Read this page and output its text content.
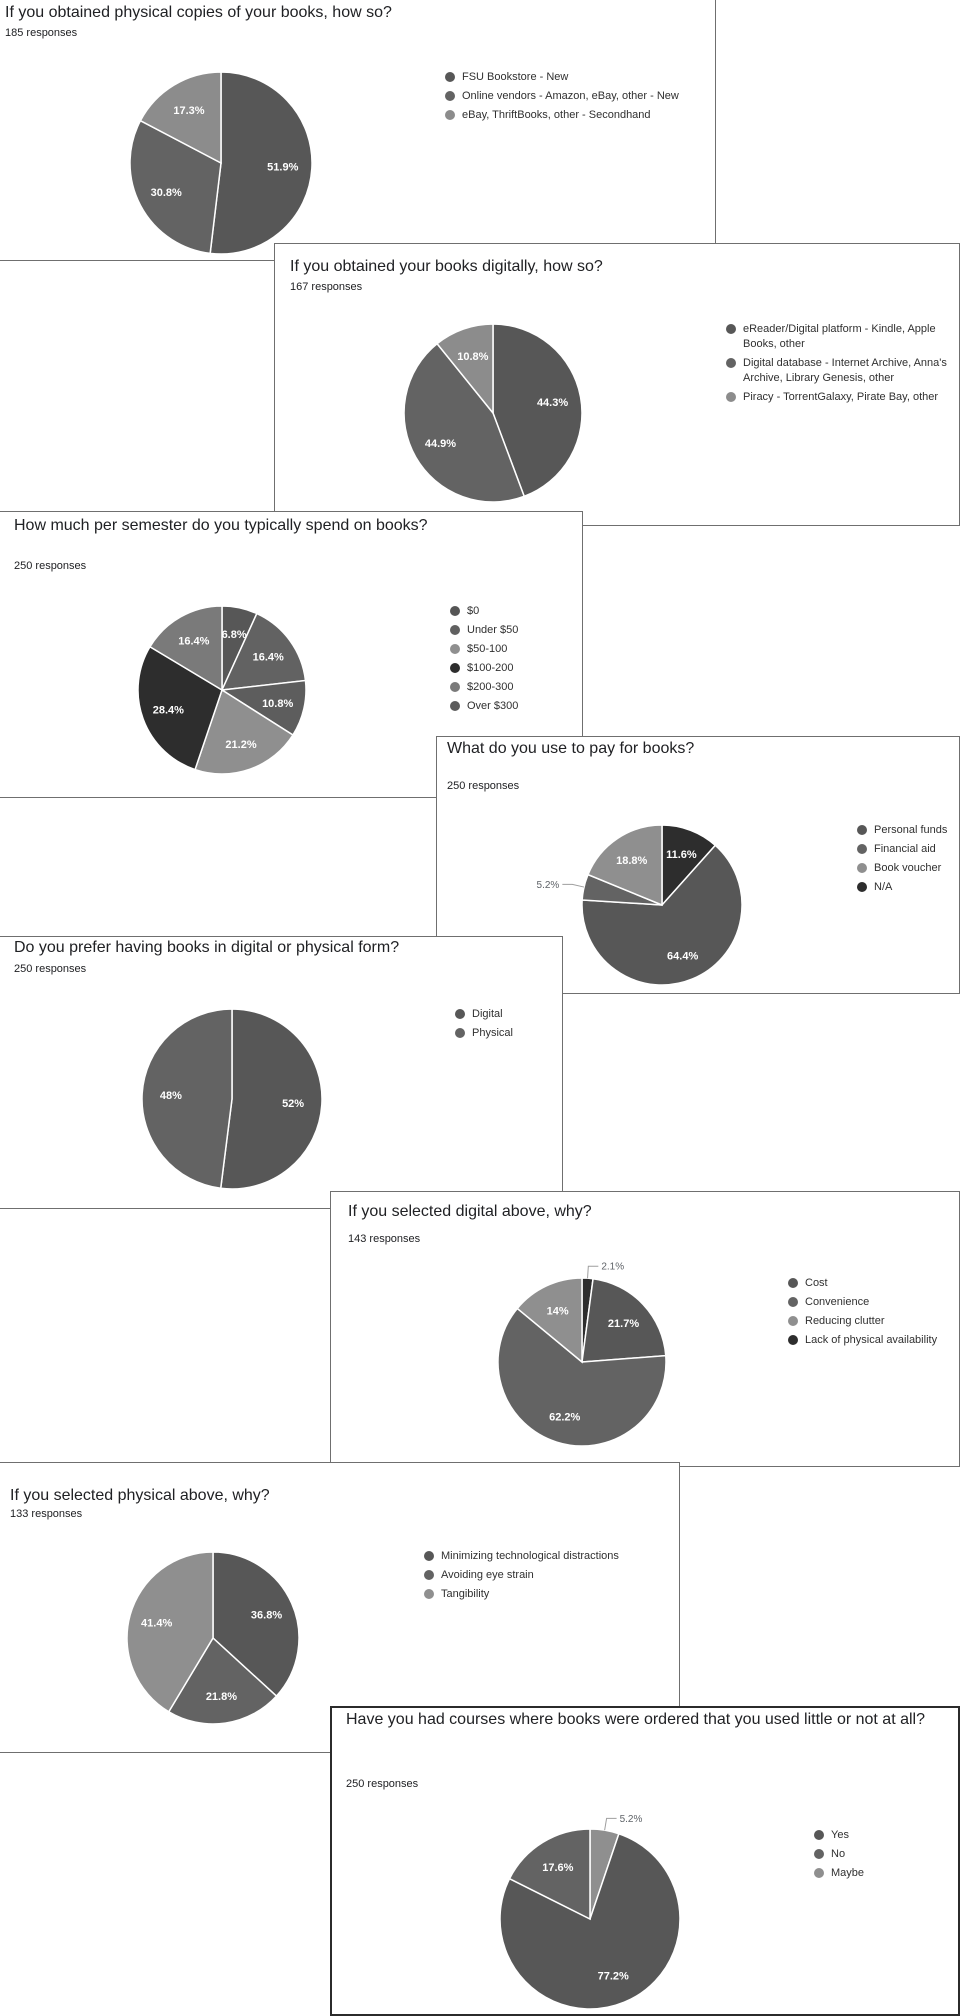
If you obtained physical copies of your books, how so?
185 responses
51.9%
30.8%
17.3%
FSU Bookstore - New
Online vendors - Amazon, eBay, other - New
eBay, ThriftBooks, other - Secondhand
If you obtained your books digitally, how so?
167 responses
44.3%
44.9%
10.8%
eReader/Digital platform - Kindle, Apple Books, other
Digital database - Internet Archive, Anna's Archive, Library Genesis, other
Piracy - TorrentGalaxy, Pirate Bay, other
How much per semester do you typically spend on books?
250 responses
6.8%
16.4%
10.8%
21.2%
28.4%
16.4%
$0
Under $50
$50-100
$100-200
$200-300
Over $300
What do you use to pay for books?
250 responses
11.6%
64.4%
5.2%
18.8%
Personal funds
Financial aid
Book voucher
N/A
Do you prefer having books in digital or physical form?
250 responses
52%
48%
Digital
Physical
If you selected digital above, why?
143 responses
2.1%
21.7%
62.2%
14%
Cost
Convenience
Reducing clutter
Lack of physical availability
If you selected physical above, why?
133 responses
36.8%
21.8%
41.4%
Minimizing technological distractions
Avoiding eye strain
Tangibility
Have you had courses where books were ordered that you used little or not at all?
250 responses
5.2%
77.2%
17.6%
Yes
No
Maybe
